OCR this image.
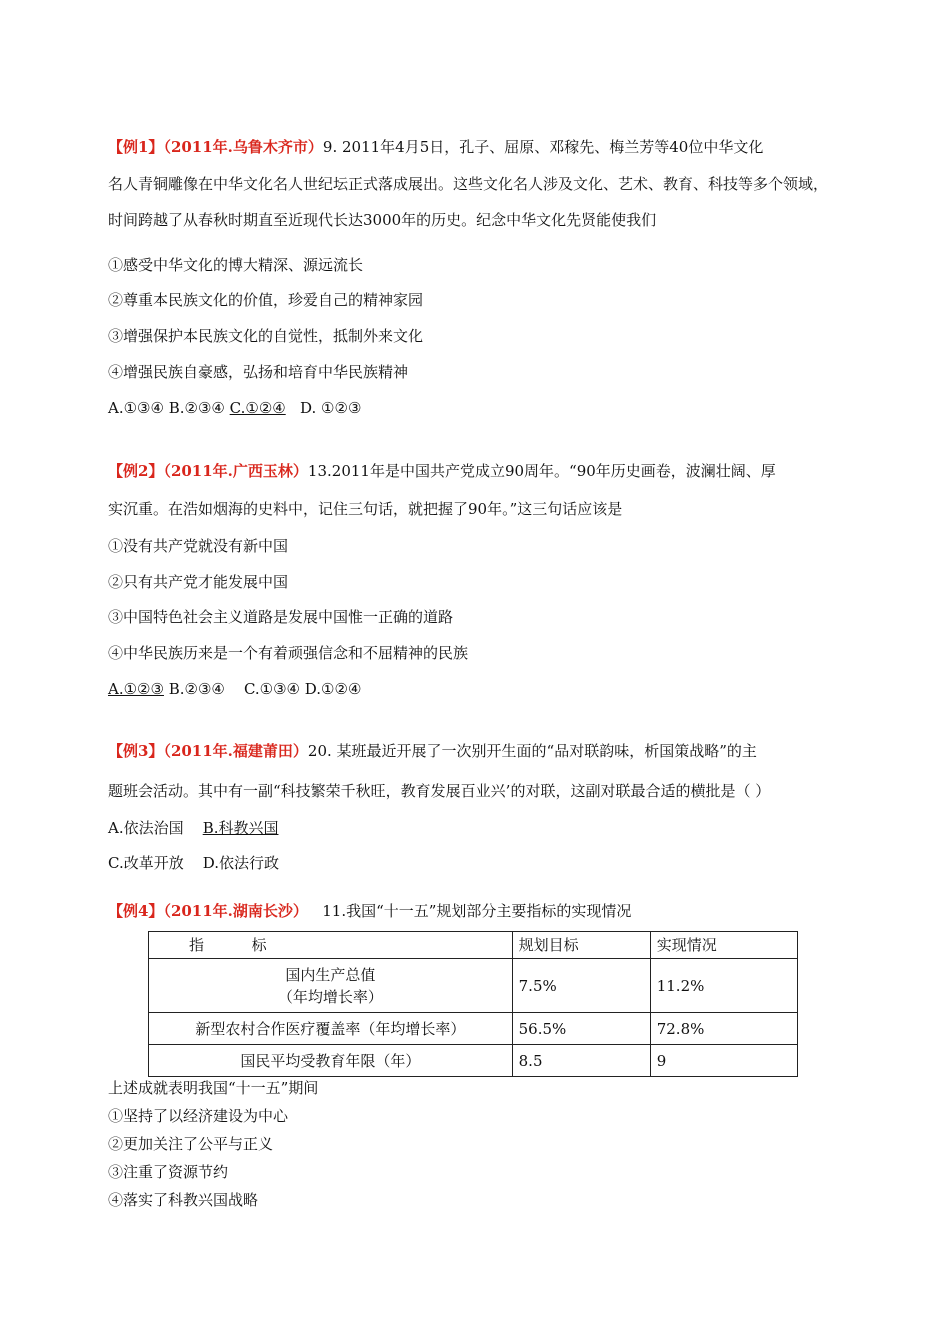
【例1】（2011年.乌鲁木齐市）9. 2011年4月5日，孔子、屈原、邓稼先、梅兰芳等40位中华文化
名人青铜雕像在中华文化名人世纪坛正式落成展出。这些文化名人涉及文化、艺术、教育、科技等多个领域，
时间跨越了从春秋时期直至近现代长达3000年的历史。纪念中华文化先贤能使我们
①感受中华文化的博大精深、源远流长
②尊重本民族文化的价值，珍爱自己的精神家园
③增强保护本民族文化的自觉性，抵制外来文化
④增强民族自豪感，弘扬和培育中华民族精神
A.①③④ B.②③④ C.①②④ D. ①②③
【例2】（2011年.广西玉林）13.2011年是中国共产党成立90周年。“90年历史画卷，波澜壮阔、厚
实沉重。在浩如烟海的史料中，记住三句话，就把握了90年。”这三句话应该是
①没有共产党就没有新中国
②只有共产党才能发展中国
③中国特色社会主义道路是发展中国惟一正确的道路
④中华民族历来是一个有着顽强信念和不屈精神的民族
A.①②③ B.②③④ C.①③④ D.①②④
【例3】（2011年.福建莆田）20. 某班最近开展了一次别开生面的“品对联韵味，析国策战略”的主
题班会活动。其中有一副“科技繁荣千秋旺，教育发展百业兴’的对联，这副对联最合适的横批是（ ）
A.依法治国 B.科教兴国
C.改革开放 D.依法行政
【例4】（2011年.湖南长沙） 11.我国“十一五”规划部分主要指标的实现情况
指          标	规划目标	实现情况

国内生产总值
（年均增长率）	7.5%	11.2%
新型农村合作医疗覆盖率（年均增长率）	56.5%	72.8%
国民平均受教育年限（年）	8.5	9
上述成就表明我国“十一五”期间
①坚持了以经济建设为中心
②更加关注了公平与正义
③注重了资源节约
④落实了科教兴国战略
